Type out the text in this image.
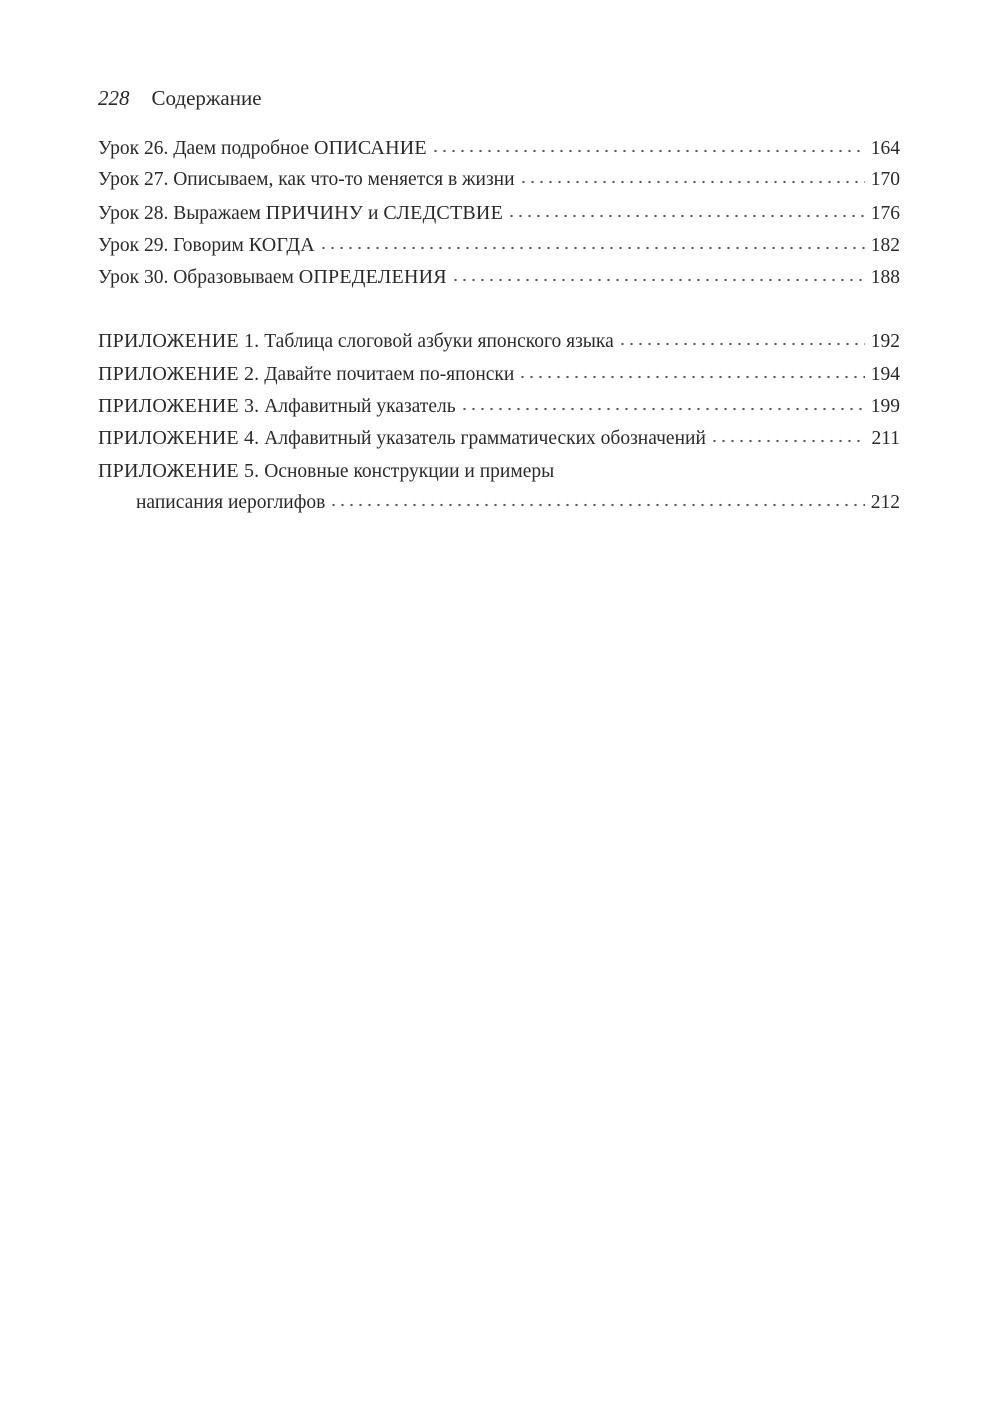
228 Содержание
Урок 26. Даем подробное ОПИСАНИЕ	164
Урок 27. Описываем, как что-то меняется в жизни	170
Урок 28. Выражаем ПРИЧИНУ и СЛЕДСТВИЕ	176
Урок 29. Говорим КОГДА	182
Урок 30. Образовываем ОПРЕДЕЛЕНИЯ	188
ПРИЛОЖЕНИЕ 1. Таблица слоговой азбуки японского языка	192
ПРИЛОЖЕНИЕ 2. Давайте почитаем по-японски	194
ПРИЛОЖЕНИЕ 3. Алфавитный указатель	199
ПРИЛОЖЕНИЕ 4. Алфавитный указатель грамматических обозначений	211
ПРИЛОЖЕНИЕ 5. Основные конструкции и примеры
написания иероглифов	212
